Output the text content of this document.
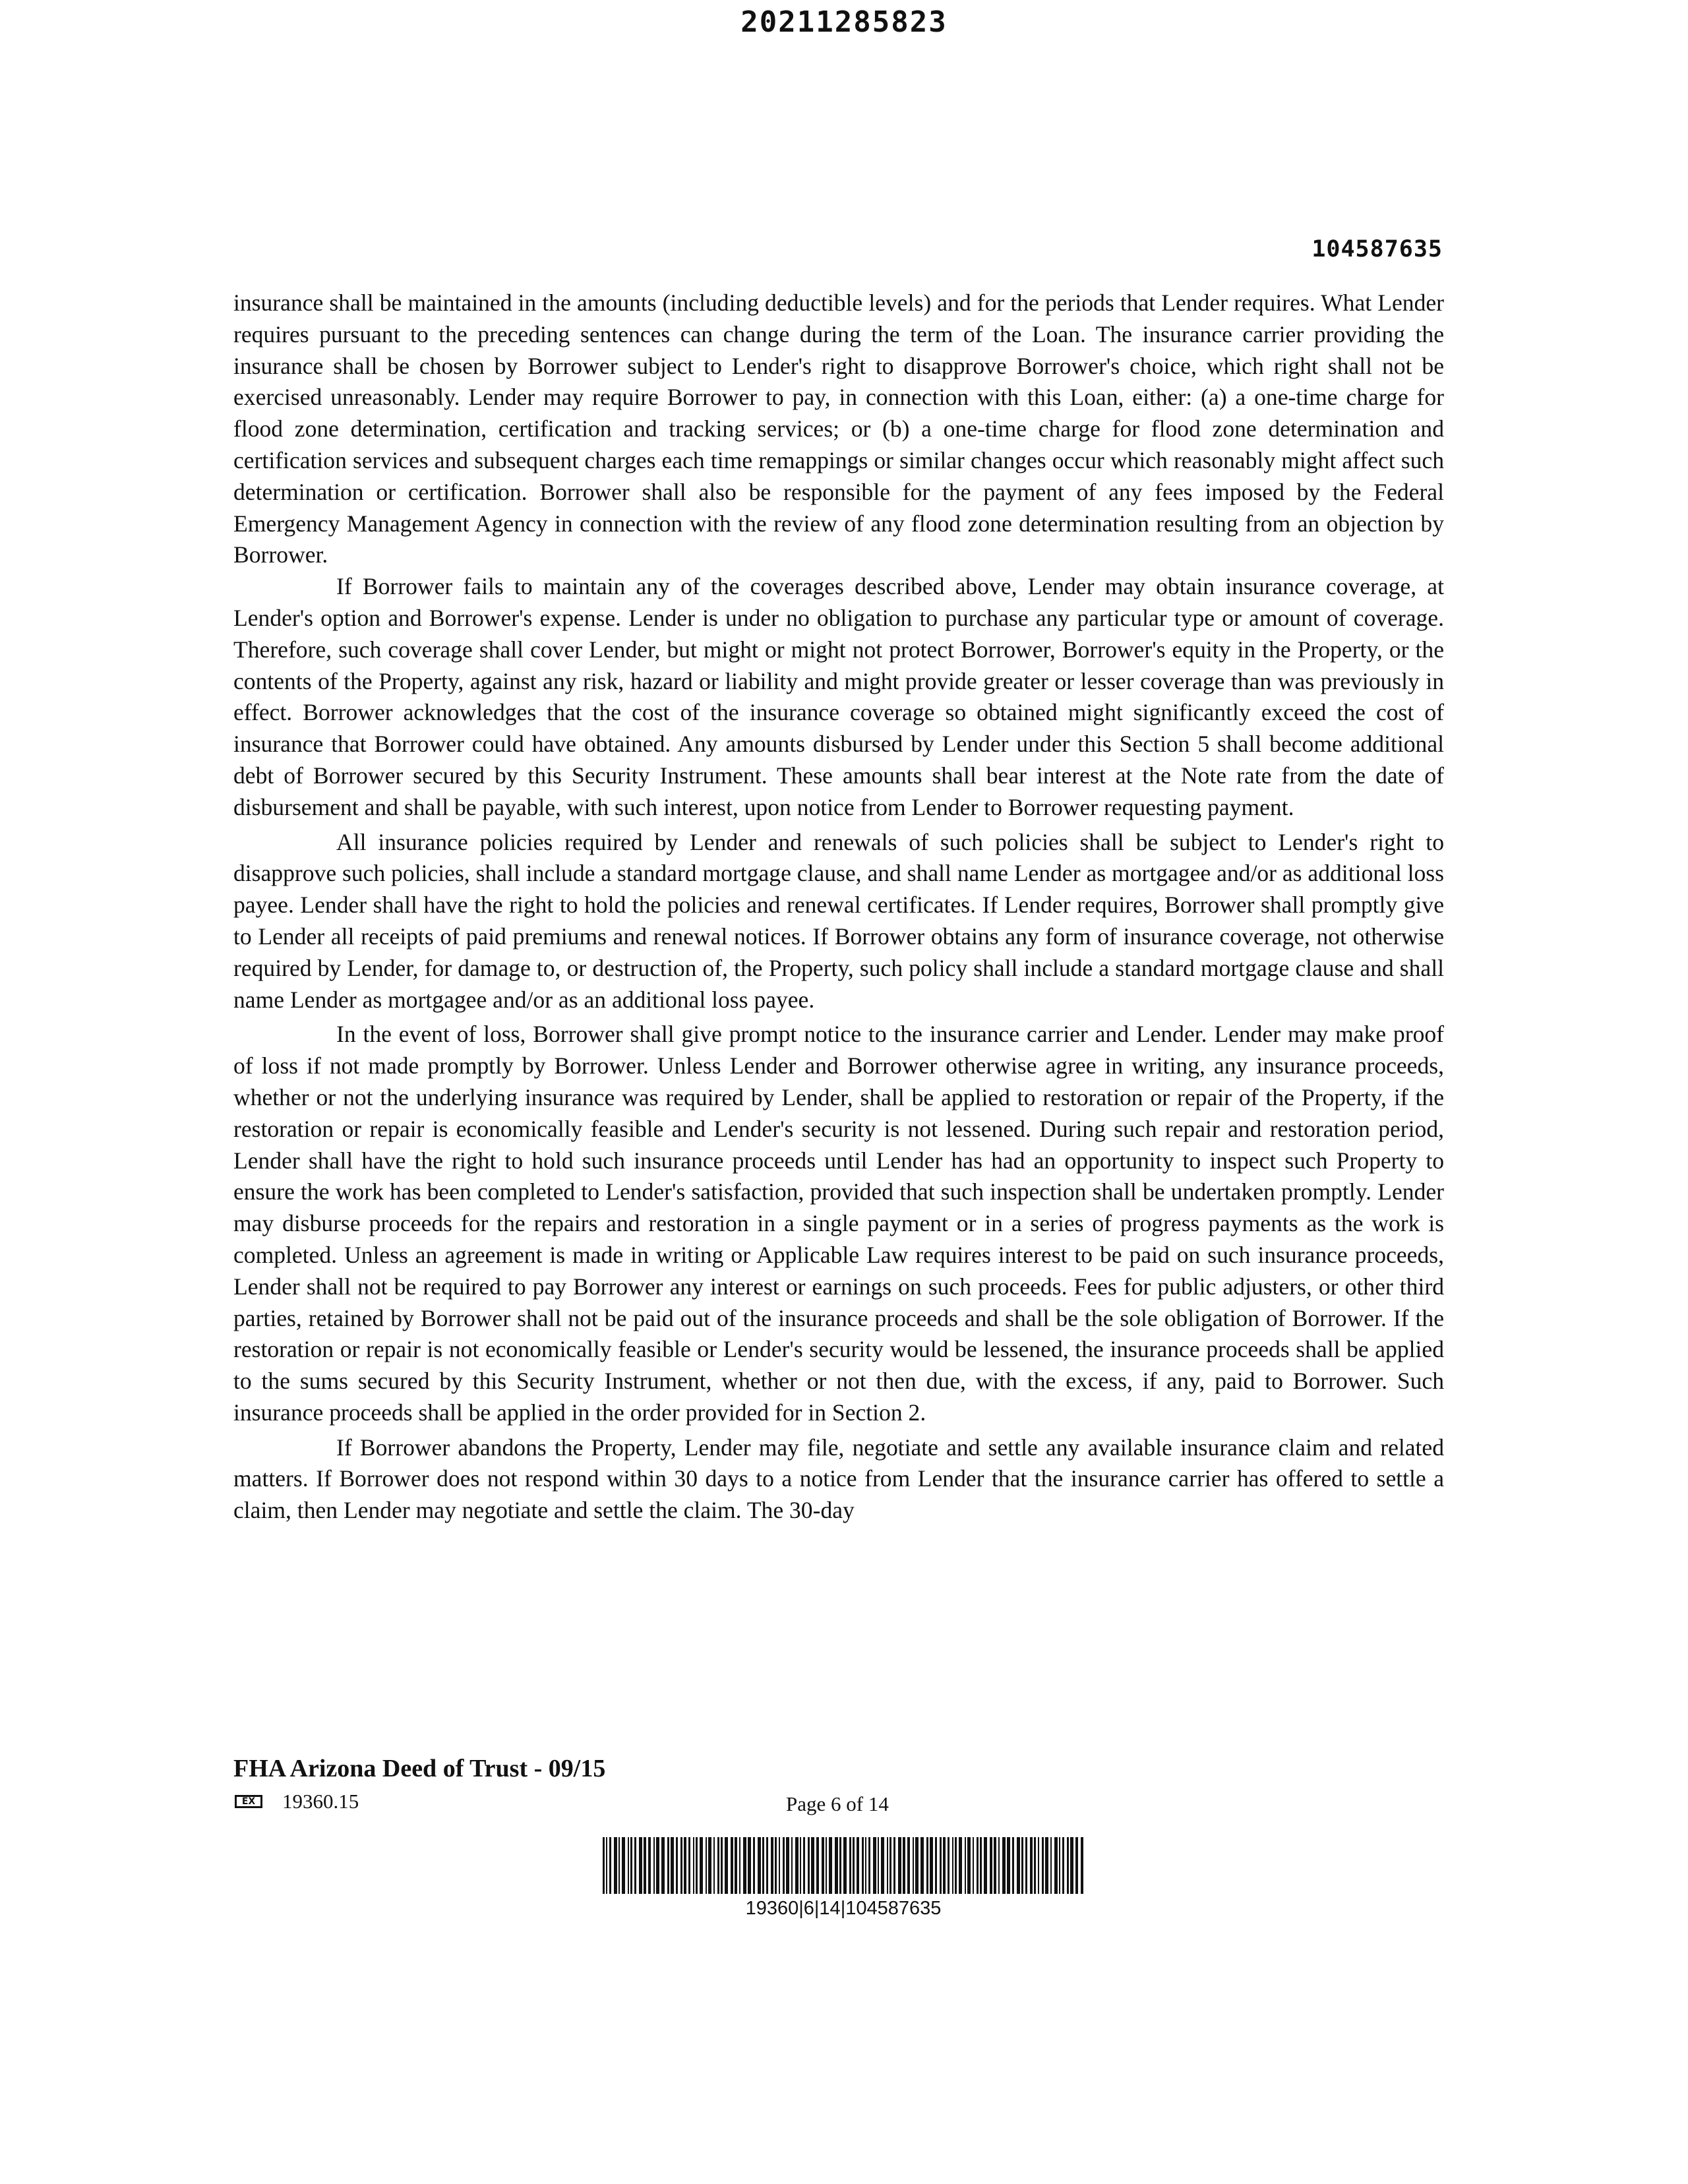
20211285823
104587635

insurance shall be maintained in the amounts (including deductible levels) and for the periods that Lender requires. What Lender requires pursuant to the preceding sentences can change during the term of the Loan. The insurance carrier providing the insurance shall be chosen by Borrower subject to Lender's right to disapprove Borrower's choice, which right shall not be exercised unreasonably. Lender may require Borrower to pay, in connection with this Loan, either: (a) a one-time charge for flood zone determination, certification and tracking services; or (b) a one-time charge for flood zone determination and certification services and subsequent charges each time remappings or similar changes occur which reasonably might affect such determination or certification. Borrower shall also be responsible for the payment of any fees imposed by the Federal Emergency Management Agency in connection with the review of any flood zone determination resulting from an objection by Borrower.

If Borrower fails to maintain any of the coverages described above, Lender may obtain insurance coverage, at Lender's option and Borrower's expense. Lender is under no obligation to purchase any particular type or amount of coverage. Therefore, such coverage shall cover Lender, but might or might not protect Borrower, Borrower's equity in the Property, or the contents of the Property, against any risk, hazard or liability and might provide greater or lesser coverage than was previously in effect. Borrower acknowledges that the cost of the insurance coverage so obtained might significantly exceed the cost of insurance that Borrower could have obtained. Any amounts disbursed by Lender under this Section 5 shall become additional debt of Borrower secured by this Security Instrument. These amounts shall bear interest at the Note rate from the date of disbursement and shall be payable, with such interest, upon notice from Lender to Borrower requesting payment.

All insurance policies required by Lender and renewals of such policies shall be subject to Lender's right to disapprove such policies, shall include a standard mortgage clause, and shall name Lender as mortgagee and/or as additional loss payee. Lender shall have the right to hold the policies and renewal certificates. If Lender requires, Borrower shall promptly give to Lender all receipts of paid premiums and renewal notices. If Borrower obtains any form of insurance coverage, not otherwise required by Lender, for damage to, or destruction of, the Property, such policy shall include a standard mortgage clause and shall name Lender as mortgagee and/or as an additional loss payee.

In the event of loss, Borrower shall give prompt notice to the insurance carrier and Lender. Lender may make proof of loss if not made promptly by Borrower. Unless Lender and Borrower otherwise agree in writing, any insurance proceeds, whether or not the underlying insurance was required by Lender, shall be applied to restoration or repair of the Property, if the restoration or repair is economically feasible and Lender's security is not lessened. During such repair and restoration period, Lender shall have the right to hold such insurance proceeds until Lender has had an opportunity to inspect such Property to ensure the work has been completed to Lender's satisfaction, provided that such inspection shall be undertaken promptly. Lender may disburse proceeds for the repairs and restoration in a single payment or in a series of progress payments as the work is completed. Unless an agreement is made in writing or Applicable Law requires interest to be paid on such insurance proceeds, Lender shall not be required to pay Borrower any interest or earnings on such proceeds. Fees for public adjusters, or other third parties, retained by Borrower shall not be paid out of the insurance proceeds and shall be the sole obligation of Borrower. If the restoration or repair is not economically feasible or Lender's security would be lessened, the insurance proceeds shall be applied to the sums secured by this Security Instrument, whether or not then due, with the excess, if any, paid to Borrower. Such insurance proceeds shall be applied in the order provided for in Section 2.

If Borrower abandons the Property, Lender may file, negotiate and settle any available insurance claim and related matters. If Borrower does not respond within 30 days to a notice from Lender that the insurance carrier has offered to settle a claim, then Lender may negotiate and settle the claim. The 30-day

FHA Arizona Deed of Trust - 09/15
EX	19360.15	Page 6 of 14
19360|6|14|104587635
